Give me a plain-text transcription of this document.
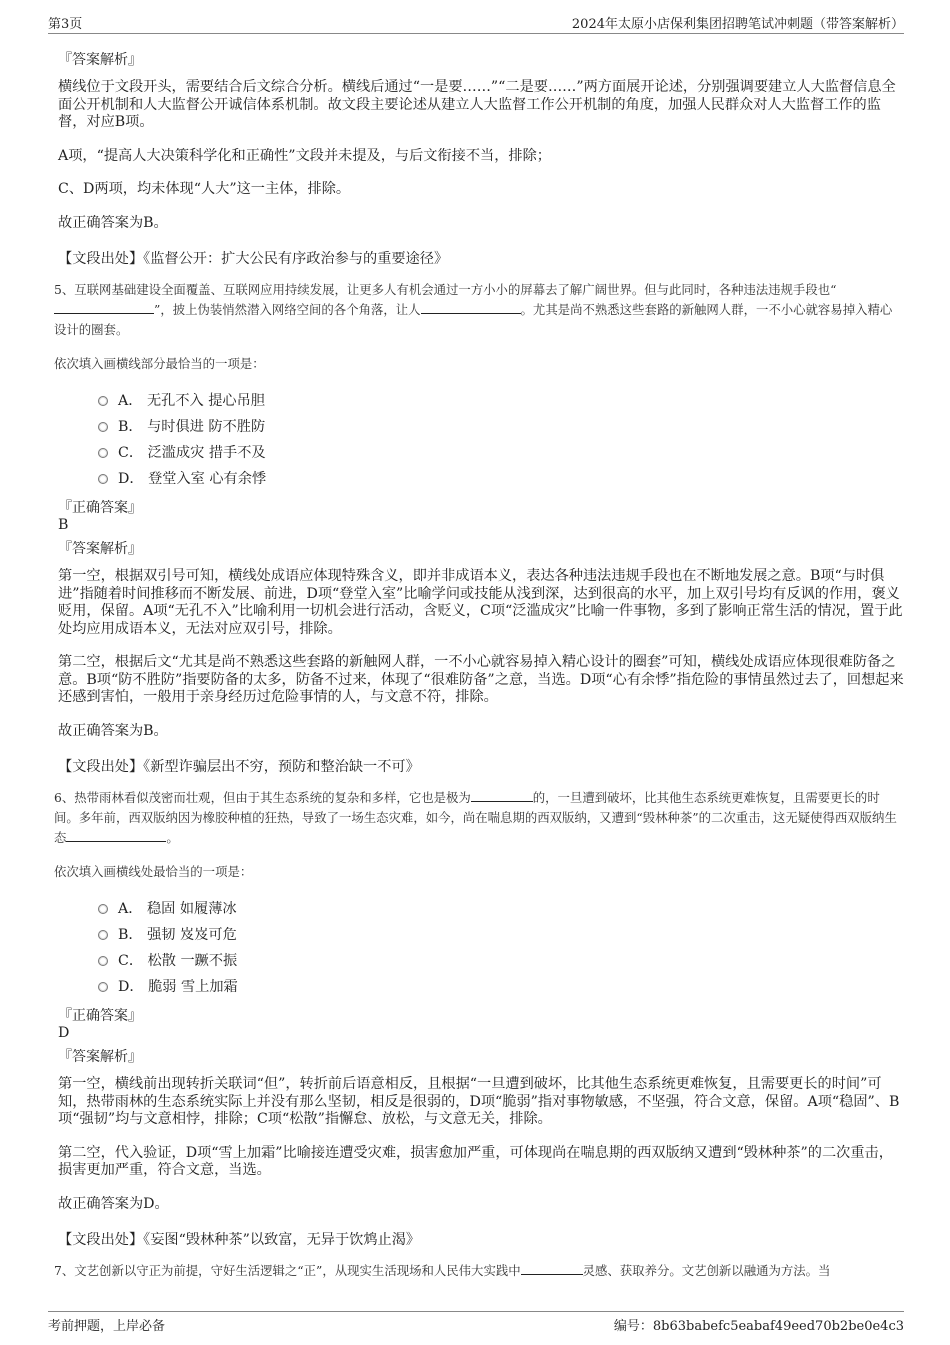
第3页	2024年太原小店保利集团招聘笔试冲刺题（带答案解析）

『答案解析』

横线位于文段开头，需要结合后文综合分析。横线后通过“一是要……”“二是要……”两方面展开论述，分别强调要建立人大监督信息全面公开机制和人大监督公开诚信体系机制。故文段主要论述从建立人大监督工作公开机制的角度，加强人民群众对人大监督工作的监督，对应B项。

A项，“提高人大决策科学化和正确性”文段并未提及，与后文衔接不当，排除；

C、D两项，均未体现“人大”这一主体，排除。

故正确答案为B。

【文段出处】《监督公开：扩大公民有序政治参与的重要途径》

5、互联网基础建设全面覆盖、互联网应用持续发展，让更多人有机会通过一方小小的屏幕去了解广阔世界。但与此同时，各种违法违规手段也“”，披上伪装悄然潜入网络空间的各个角落，让人	。尤其是尚不熟悉这些套路的新触网人群，一不小心就容易掉入精心设计的圈套。

依次填入画横线部分最恰当的一项是：

A． 无孔不入 提心吊胆
B． 与时俱进 防不胜防
C． 泛滥成灾 措手不及
D． 登堂入室 心有余悸

『正确答案』

B

『答案解析』

第一空，根据双引号可知，横线处成语应体现特殊含义，即并非成语本义，表达各种违法违规手段也在不断地发展之意。B项“与时俱进”指随着时间推移而不断发展、前进，D项“登堂入室”比喻学问或技能从浅到深，达到很高的水平，加上双引号均有反讽的作用，褒义贬用，保留。A项“无孔不入”比喻利用一切机会进行活动，含贬义，C项“泛滥成灾”比喻一件事物，多到了影响正常生活的情况，置于此处均应用成语本义，无法对应双引号，排除。

第二空，根据后文“尤其是尚不熟悉这些套路的新触网人群，一不小心就容易掉入精心设计的圈套”可知，横线处成语应体现很难防备之意。B项“防不胜防”指要防备的太多，防备不过来，体现了“很难防备”之意，当选。D项“心有余悸”指危险的事情虽然过去了，回想起来还感到害怕，一般用于亲身经历过危险事情的人，与文意不符，排除。

故正确答案为B。

【文段出处】《新型诈骗层出不穷，预防和整治缺一不可》

6、热带雨林看似茂密而壮观，但由于其生态系统的复杂和多样，它也是极为	的，一旦遭到破坏，比其他生态系统更难恢复，且需要更长的时间。多年前，西双版纳因为橡胶种植的狂热，导致了一场生态灾难，如今，尚在喘息期的西双版纳，又遭到“毁林种茶”的二次重击，这无疑使得西双版纳生态	。

依次填入画横线处最恰当的一项是：

A． 稳固 如履薄冰
B． 强韧 岌岌可危
C． 松散 一蹶不振
D． 脆弱 雪上加霜

『正确答案』

D

『答案解析』

第一空，横线前出现转折关联词“但”，转折前后语意相反，且根据“一旦遭到破坏，比其他生态系统更难恢复，且需要更长的时间”可知，热带雨林的生态系统实际上并没有那么坚韧，相反是很弱的，D项“脆弱”指对事物敏感，不坚强，符合文意，保留。A项“稳固”、B项“强韧”均与文意相悖，排除；C项“松散”指懈怠、放松，与文意无关，排除。

第二空，代入验证，D项“雪上加霜”比喻接连遭受灾难，损害愈加严重，可体现尚在喘息期的西双版纳又遭到“毁林种茶”的二次重击，损害更加严重，符合文意，当选。

故正确答案为D。

【文段出处】《妄图“毁林种茶”以致富，无异于饮鸩止渴》

7、文艺创新以守正为前提，守好生活逻辑之“正”，从现实生活现场和人民伟大实践中	灵感、获取养分。文艺创新以融通为方法。当

考前押题，上岸必备	编号：8b63babefc5eabaf49eed70b2be0e4c3
